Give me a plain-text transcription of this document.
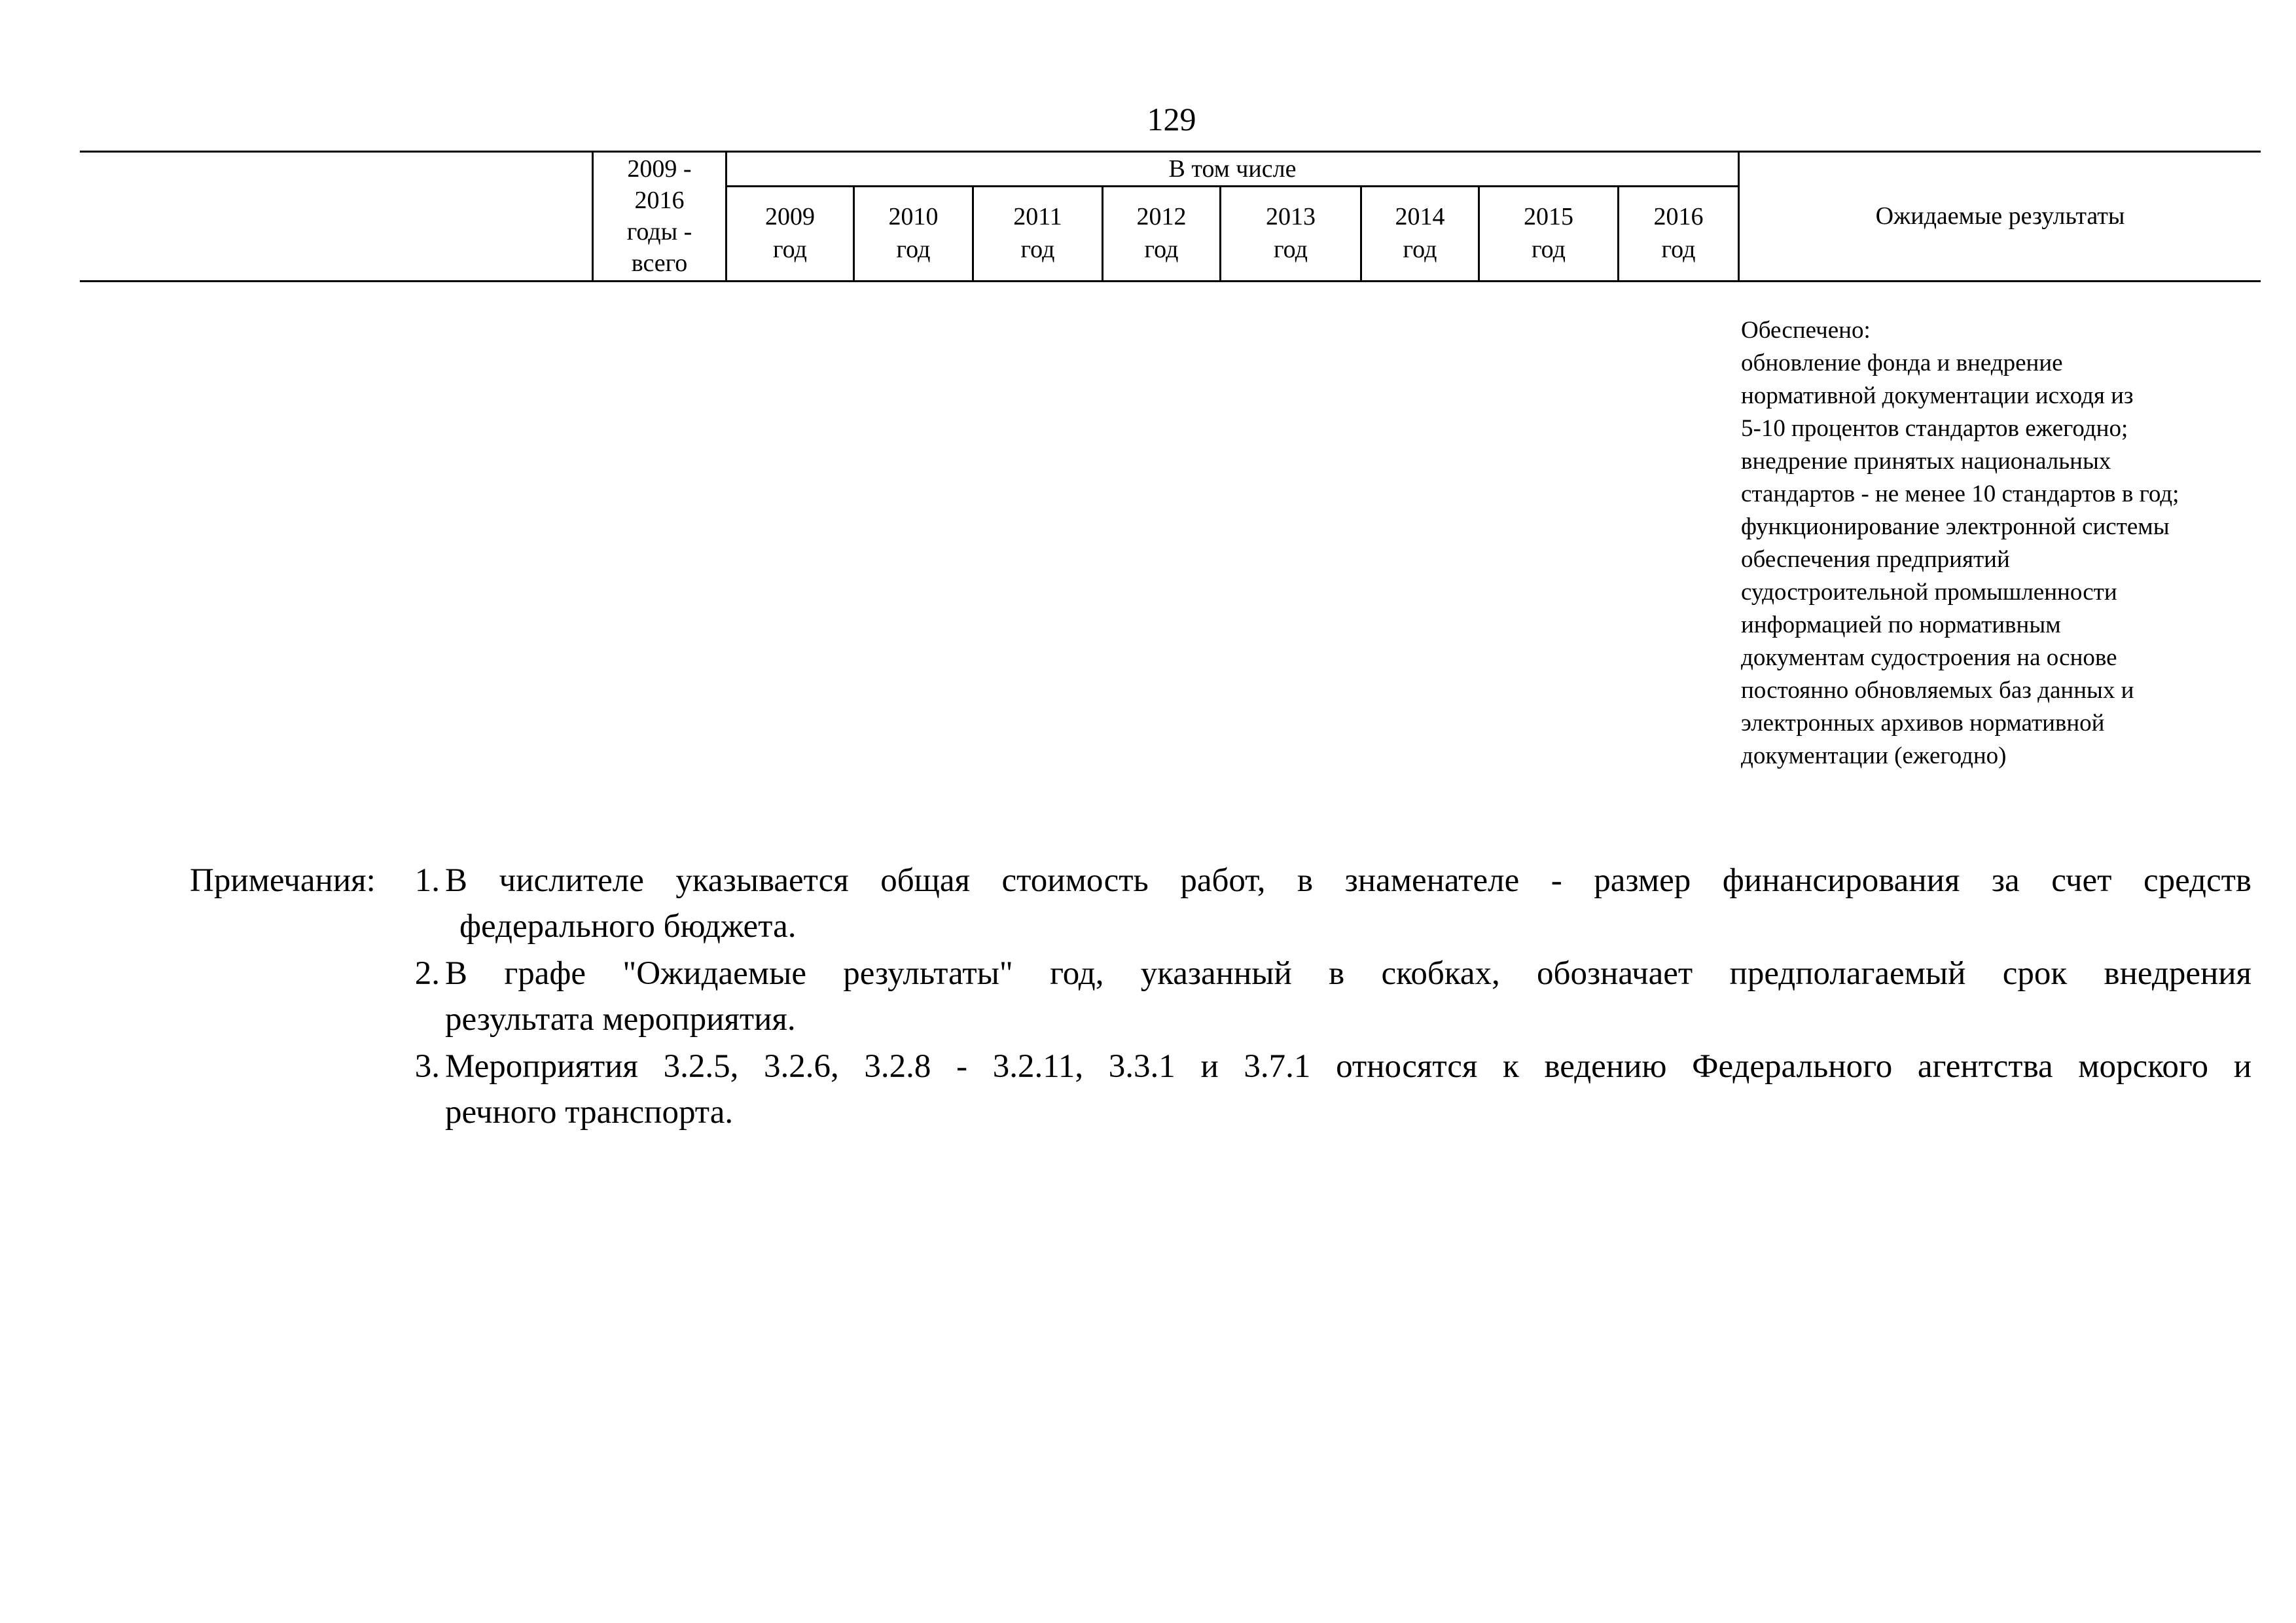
129
2009 -
2016
годы -
всего
В том числе
2009
год
2010
год
2011
год
2012
год
2013
год
2014
год
2015
год
2016
год
Ожидаемые результаты
Обеспечено:
обновление фонда и внедрение
нормативной документации исходя из
5-10 процентов стандартов ежегодно;
внедрение принятых национальных
стандартов - не менее 10 стандартов в год;
функционирование электронной системы
обеспечения предприятий
судостроительной промышленности
информацией по нормативным
документам судостроения на основе
постоянно обновляемых баз данных и
электронных архивов нормативной
документации (ежегодно)
Примечания:	1. В числителе указывается общая стоимость работ, в знаменателе - размер финансирования за счет средств
федерального бюджета.
2. В графе "Ожидаемые результаты" год, указанный в скобках, обозначает предполагаемый срок внедрения
результата мероприятия.
3. Мероприятия 3.2.5, 3.2.6, 3.2.8 - 3.2.11, 3.3.1 и 3.7.1 относятся к ведению Федерального агентства морского и
речного транспорта.
